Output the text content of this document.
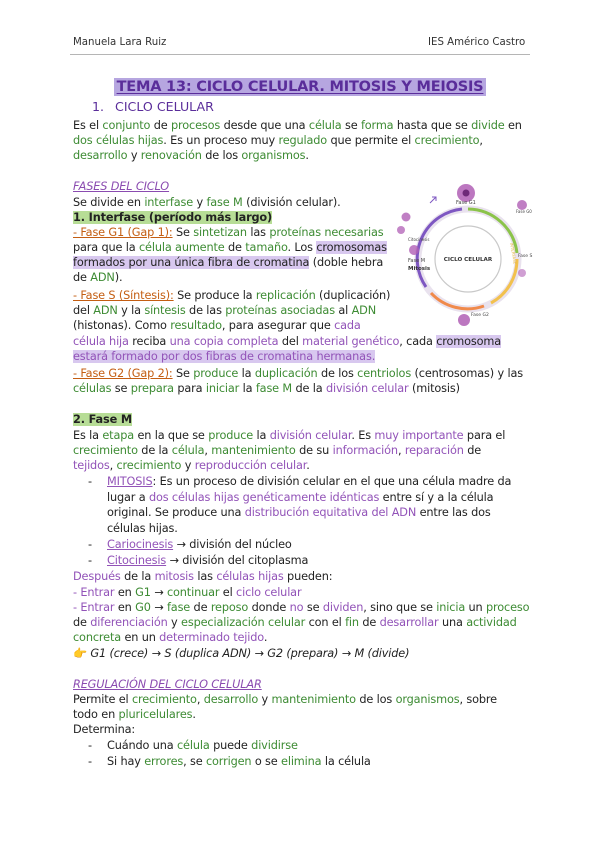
Manuela Lara Ruiz	IES Américo Castro
TEMA 13: CICLO CELULAR. MITOSIS Y MEIOSIS
1. CICLO CELULAR
Es el conjunto de procesos desde que una célula se forma hasta que se divide en
dos células hijas. Es un proceso muy regulado que permite el crecimiento,
desarrollo y renovación de los organismos.
FASES DEL CICLO
Se divide en interfase y fase M (división celular).
1. Interfase (período más largo)
- Fase G1 (Gap 1): Se sintetizan las proteínas necesarias
para que la célula aumente de tamaño. Los cromosomas
formados por una única fibra de cromatina (doble hebra
de ADN).
- Fase S (Síntesis): Se produce la replicación (duplicación)
del ADN y la síntesis de las proteínas asociadas al ADN
(histonas). Como resultado, para asegurar que cada
célula hija reciba una copia completa del material genético, cada cromosoma
estará formado por dos fibras de cromatina hermanas.
- Fase G2 (Gap 2): Se produce la duplicación de los centriolos (centrosomas) y las
células se prepara para iniciar la fase M de la división celular (mitosis)
2. Fase M
Es la etapa en la que se produce la división celular. Es muy importante para el
crecimiento de la célula, mantenimiento de su información, reparación de
tejidos, crecimiento y reproducción celular.
- MITOSIS: Es un proceso de división celular en el que una célula madre da
lugar a dos células hijas genéticamente idénticas entre sí y a la célula
original. Se produce una distribución equitativa del ADN entre las dos
células hijas.
- Cariocinesis → división del núcleo
- Citocinesis → división del citoplasma
Después de la mitosis las células hijas pueden:
- Entrar en G1 → continuar el ciclo celular
- Entrar en G0 → fase de reposo donde no se dividen, sino que se inicia un proceso
de diferenciación y especialización celular con el fin de desarrollar una actividad
concreta en un determinado tejido.
👉 G1 (crece) → S (duplica ADN) → G2 (prepara) → M (divide)
REGULACIÓN DEL CICLO CELULAR
Permite el crecimiento, desarrollo y mantenimiento de los organismos, sobre
todo en pluricelulares.
Determina:
- Cuándo una célula puede dividirse
- Si hay errores, se corrigen o se elimina la célula
CICLO CELULAR
Fase G1
Fase G0
Fase S
Fase G2
Citocinesis
Fase M
Mitosis
INTERFASE
